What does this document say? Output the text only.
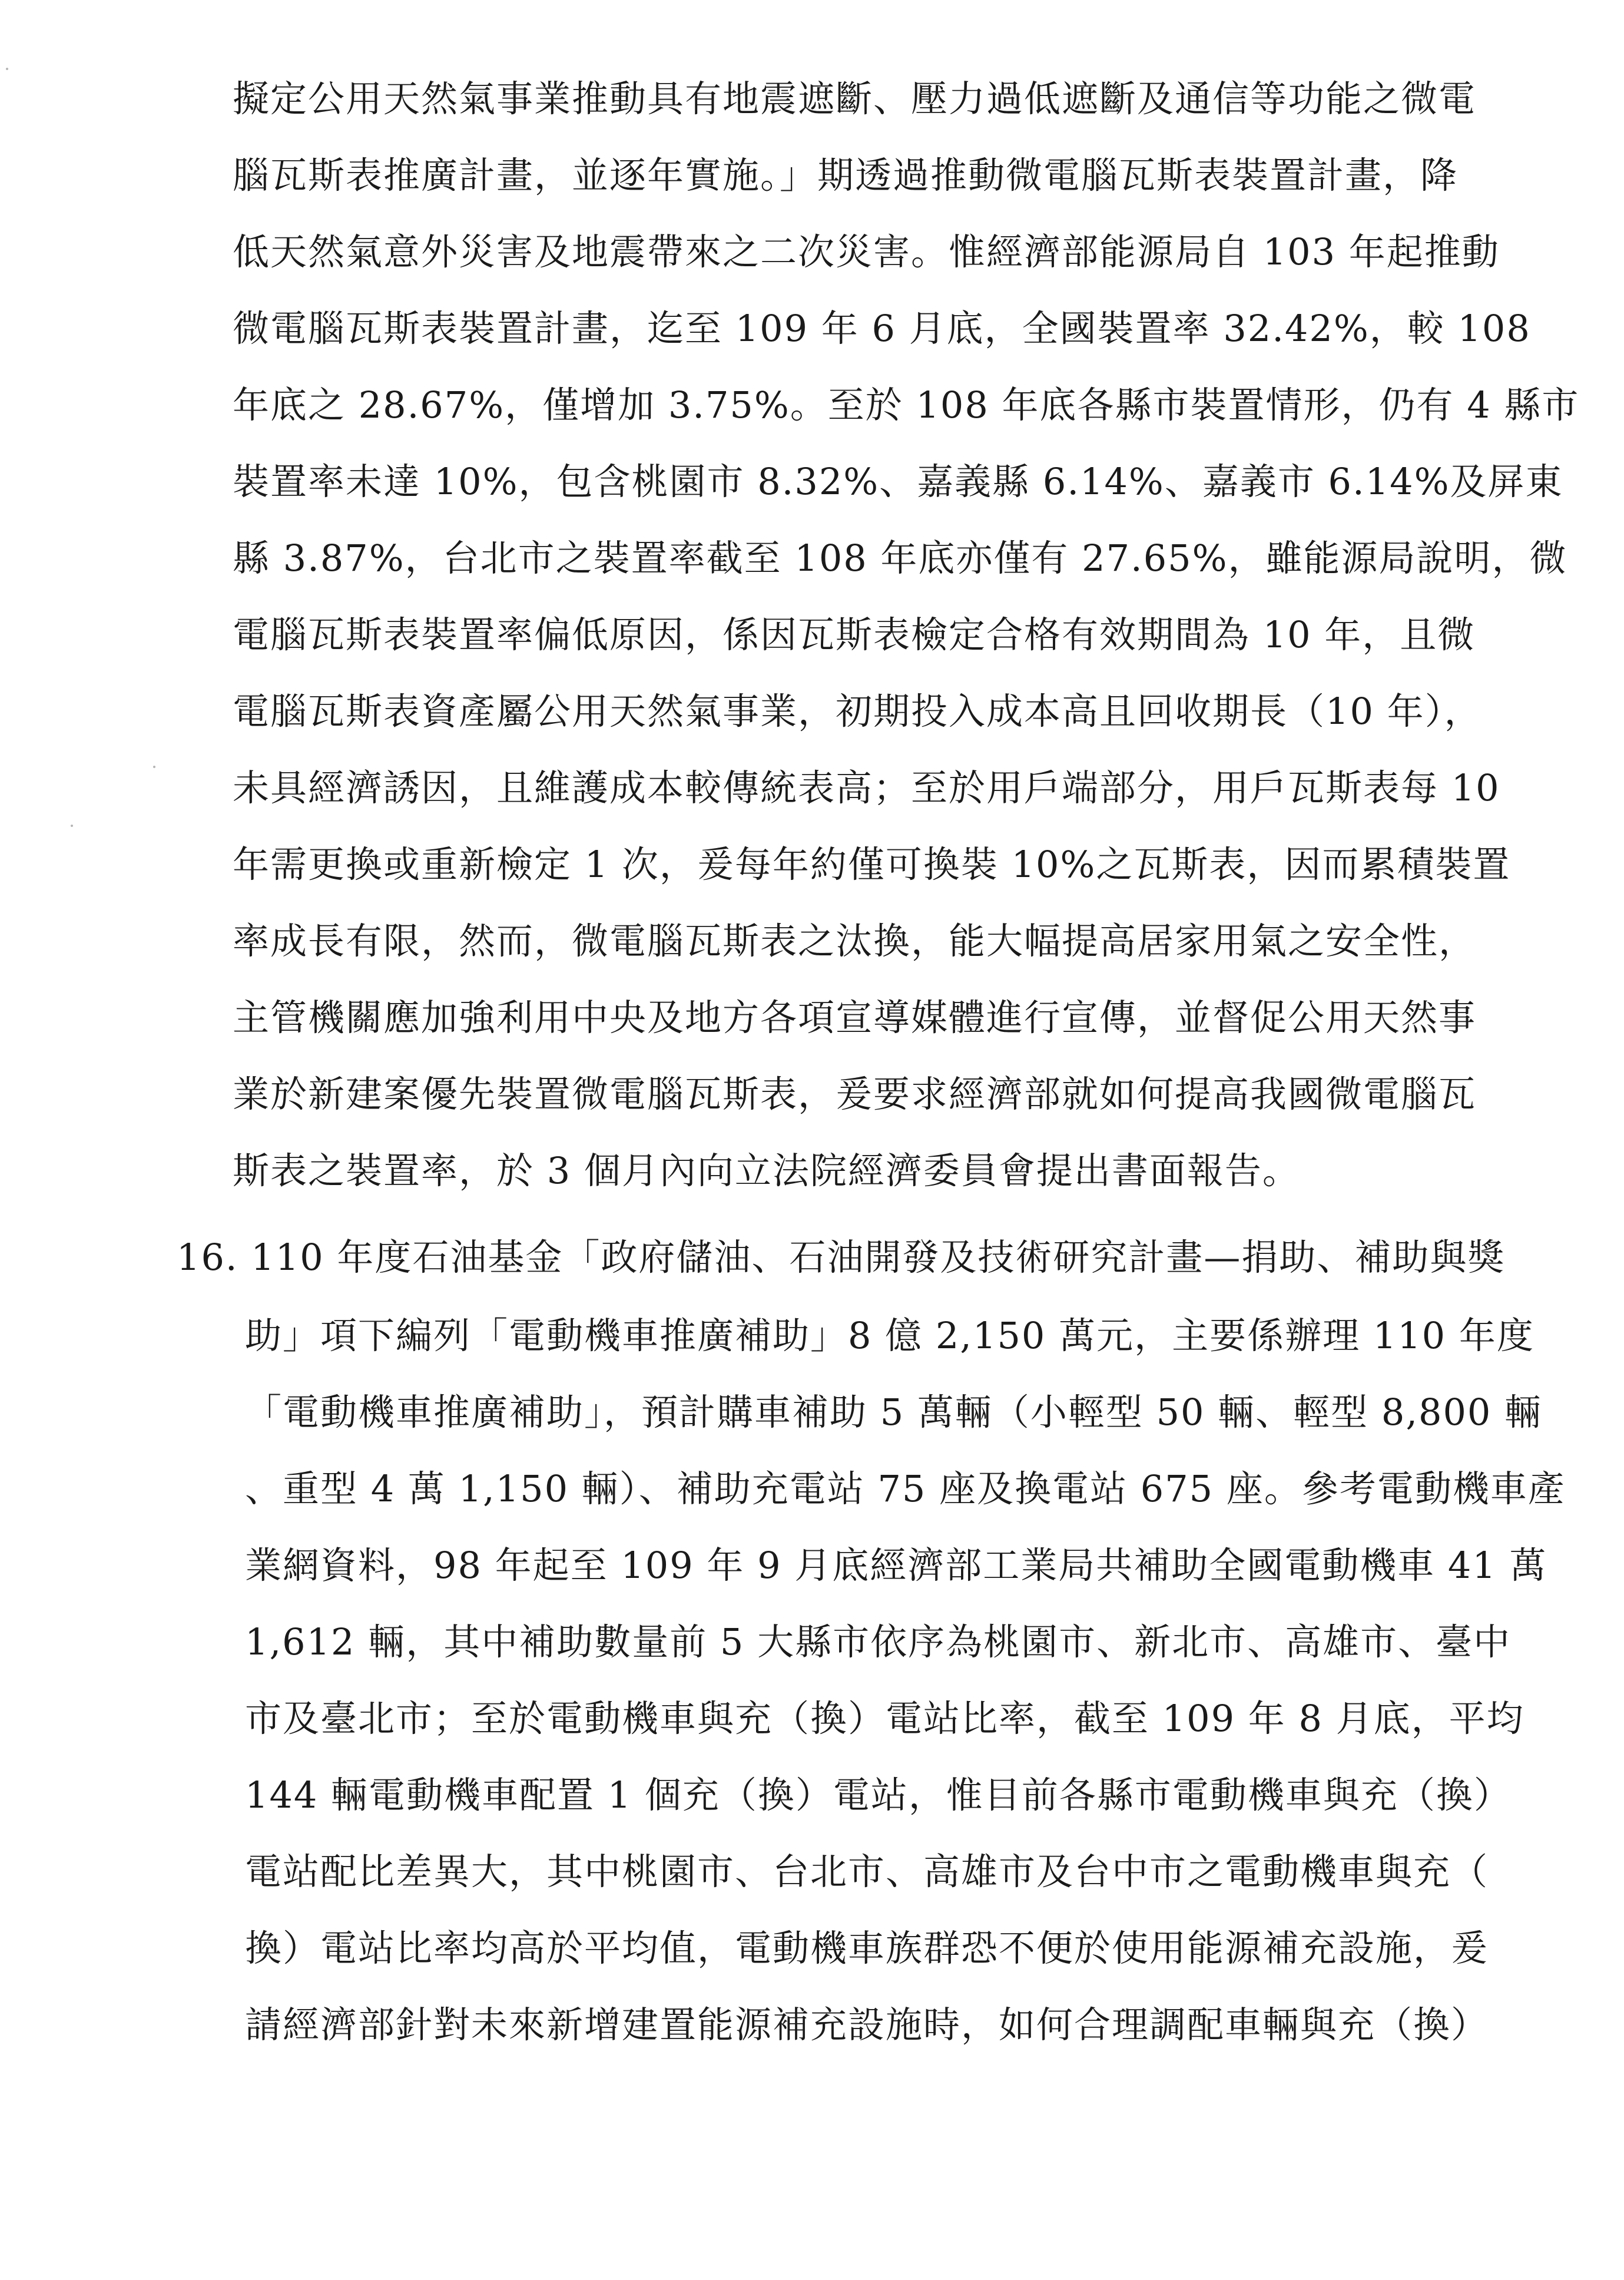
擬定公用天然氣事業推動具有地震遮斷、壓力過低遮斷及通信等功能之微電
腦瓦斯表推廣計畫，並逐年實施。」期透過推動微電腦瓦斯表裝置計畫，降
低天然氣意外災害及地震帶來之二次災害。惟經濟部能源局自 103 年起推動
微電腦瓦斯表裝置計畫，迄至 109 年 6 月底，全國裝置率 32.42%，較 108
年底之 28.67%，僅增加 3.75%。至於 108 年底各縣市裝置情形，仍有 4 縣市
裝置率未達 10%，包含桃園市 8.32%、嘉義縣 6.14%、嘉義市 6.14%及屏東
縣 3.87%，台北市之裝置率截至 108 年底亦僅有 27.65%，雖能源局說明，微
電腦瓦斯表裝置率偏低原因，係因瓦斯表檢定合格有效期間為 10 年，且微
電腦瓦斯表資產屬公用天然氣事業，初期投入成本高且回收期長（10 年），
未具經濟誘因，且維護成本較傳統表高；至於用戶端部分，用戶瓦斯表每 10
年需更換或重新檢定 1 次，爰每年約僅可換裝 10%之瓦斯表，因而累積裝置
率成長有限，然而，微電腦瓦斯表之汰換，能大幅提高居家用氣之安全性，
主管機關應加強利用中央及地方各項宣導媒體進行宣傳，並督促公用天然事
業於新建案優先裝置微電腦瓦斯表，爰要求經濟部就如何提高我國微電腦瓦
斯表之裝置率，於 3 個月內向立法院經濟委員會提出書面報告。
16. 110 年度石油基金「政府儲油、石油開發及技術研究計畫—捐助、補助與獎
助」項下編列「電動機車推廣補助」8 億 2,150 萬元，主要係辦理 110 年度
「電動機車推廣補助」，預計購車補助 5 萬輛（小輕型 50 輛、輕型 8,800 輛
、重型 4 萬 1,150 輛）、補助充電站 75 座及換電站 675 座。參考電動機車產
業網資料，98 年起至 109 年 9 月底經濟部工業局共補助全國電動機車 41 萬
1,612 輛，其中補助數量前 5 大縣市依序為桃園市、新北市、高雄市、臺中
市及臺北市；至於電動機車與充（換）電站比率，截至 109 年 8 月底，平均
144 輛電動機車配置 1 個充（換）電站，惟目前各縣市電動機車與充（換）
電站配比差異大，其中桃園市、台北市、高雄市及台中市之電動機車與充（
換）電站比率均高於平均值，電動機車族群恐不便於使用能源補充設施，爰
請經濟部針對未來新增建置能源補充設施時，如何合理調配車輛與充（換）
